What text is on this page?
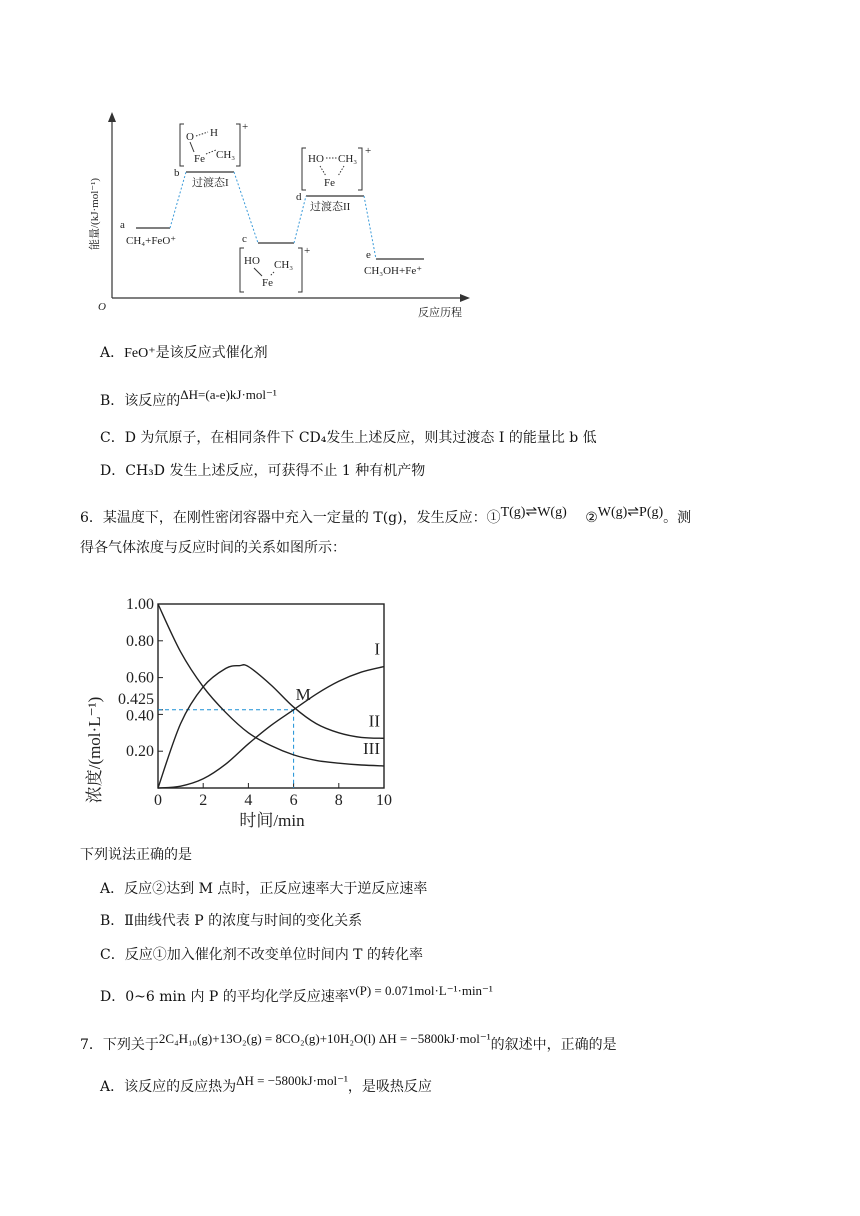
O
能量/(kJ·mol⁻¹)
反应历程
a
b
c
d
e
CH₄+FeO⁺
过渡态I
过渡态II
CH₃OH+Fe⁺
+
O H
Fe CH₃	+
HO CH₃
Fe
+
HO CH₃
Fe
A．FeO⁺是该反应式催化剂
B．该反应的ΔH=(a-e)kJ·mol⁻¹
C．D 为氘原子，在相同条件下 CD₄发生上述反应，则其过渡态 I 的能量比 b 低
D．CH₃D 发生上述反应，可获得不止 1 种有机产物
6．某温度下，在刚性密闭容器中充入一定量的 T(g)，发生反应：①T(g)⇌W(g) ②W(g)⇌P(g)。测
得各气体浓度与反应时间的关系如图所示：
浓度/(mol·L⁻¹)
时间/min
0 2 4 6 8 10
1.00
0.80
0.60
0.425
0.40
0.20
M
I
II
III
下列说法正确的是
A．反应②达到 M 点时，正反应速率大于逆反应速率
B．Ⅱ曲线代表 P 的浓度与时间的变化关系
C．反应①加入催化剂不改变单位时间内 T 的转化率
D．0~6 min 内 P 的平均化学反应速率v(P) = 0.071mol·L⁻¹·min⁻¹
7．下列关于2C₄H₁₀(g)+13O₂(g) = 8CO₂(g)+10H₂O(l) ΔH = −5800kJ·mol⁻¹的叙述中，正确的是
A．该反应的反应热为ΔH = −5800kJ·mol⁻¹，是吸热反应
